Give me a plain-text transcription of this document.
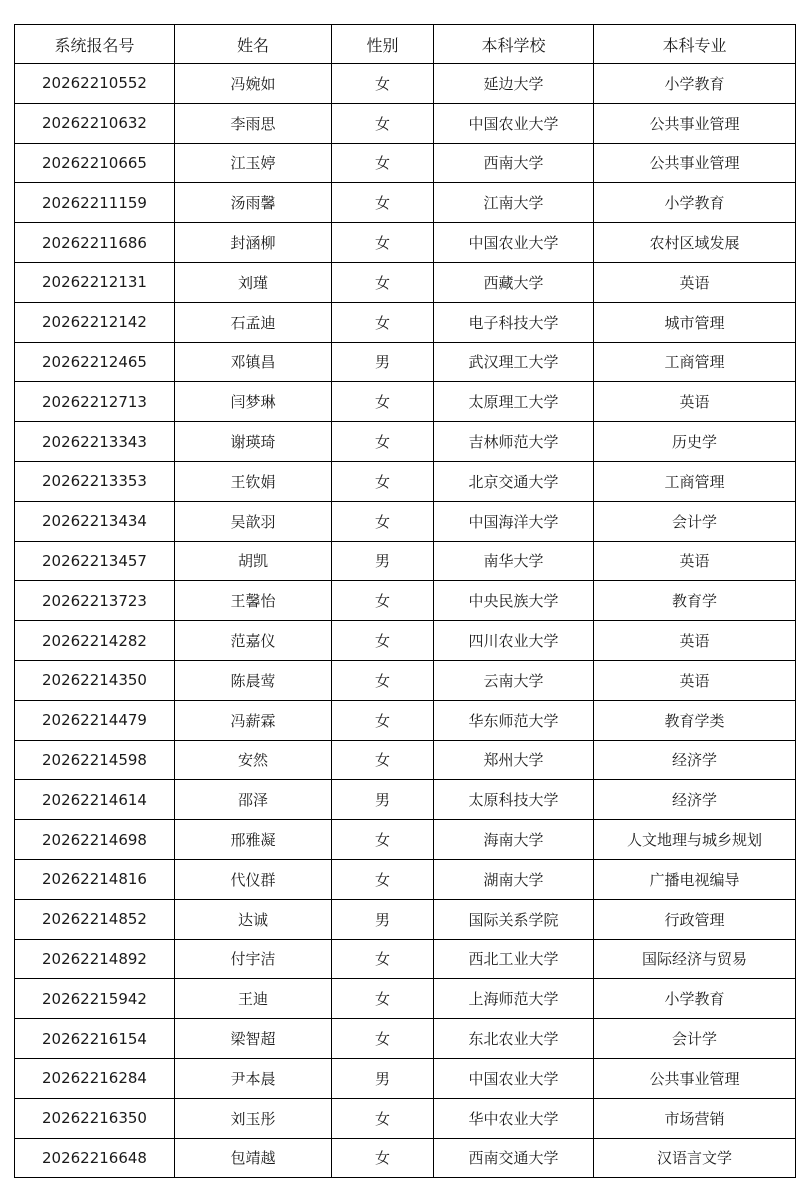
系统报名号	姓名	性别	本科学校	本科专业
20262210552	冯婉如	女	延边大学	小学教育
20262210632	李雨思	女	中国农业大学	公共事业管理
20262210665	江玉婷	女	西南大学	公共事业管理
20262211159	汤雨馨	女	江南大学	小学教育
20262211686	封涵柳	女	中国农业大学	农村区域发展
20262212131	刘瑾	女	西藏大学	英语
20262212142	石孟迪	女	电子科技大学	城市管理
20262212465	邓镇昌	男	武汉理工大学	工商管理
20262212713	闫梦琳	女	太原理工大学	英语
20262213343	谢瑛琦	女	吉林师范大学	历史学
20262213353	王钦娟	女	北京交通大学	工商管理
20262213434	吴歆羽	女	中国海洋大学	会计学
20262213457	胡凯	男	南华大学	英语
20262213723	王馨怡	女	中央民族大学	教育学
20262214282	范嘉仪	女	四川农业大学	英语
20262214350	陈晨莺	女	云南大学	英语
20262214479	冯薪霖	女	华东师范大学	教育学类
20262214598	安然	女	郑州大学	经济学
20262214614	邵泽	男	太原科技大学	经济学
20262214698	邢雅凝	女	海南大学	人文地理与城乡规划
20262214816	代仪群	女	湖南大学	广播电视编导
20262214852	达诚	男	国际关系学院	行政管理
20262214892	付宇洁	女	西北工业大学	国际经济与贸易
20262215942	王迪	女	上海师范大学	小学教育
20262216154	梁智超	女	东北农业大学	会计学
20262216284	尹本晨	男	中国农业大学	公共事业管理
20262216350	刘玉彤	女	华中农业大学	市场营销
20262216648	包靖越	女	西南交通大学	汉语言文学
